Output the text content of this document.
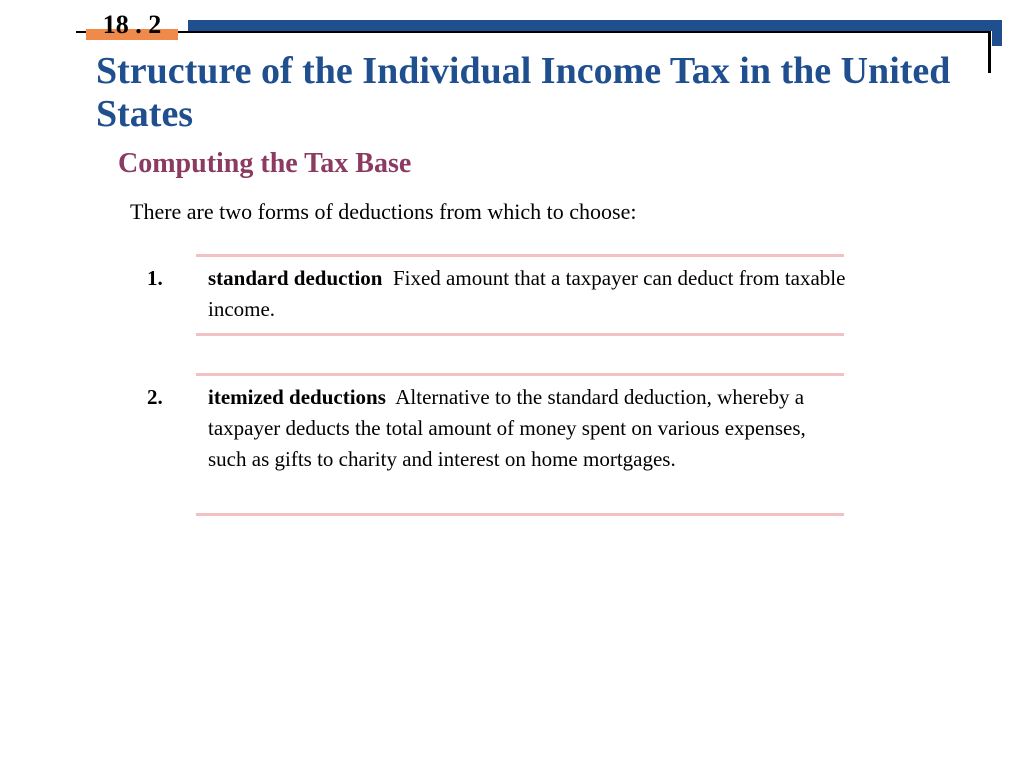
18 . 2
Structure of the Individual Income Tax in the United States
Computing the Tax Base

There are two forms of deductions from which to choose:

1. standard deduction Fixed amount that a taxpayer can deduct from taxable income.

2. itemized deductions Alternative to the standard deduction, whereby a taxpayer deducts the total amount of money spent on various expenses, such as gifts to charity and interest on home mortgages.
